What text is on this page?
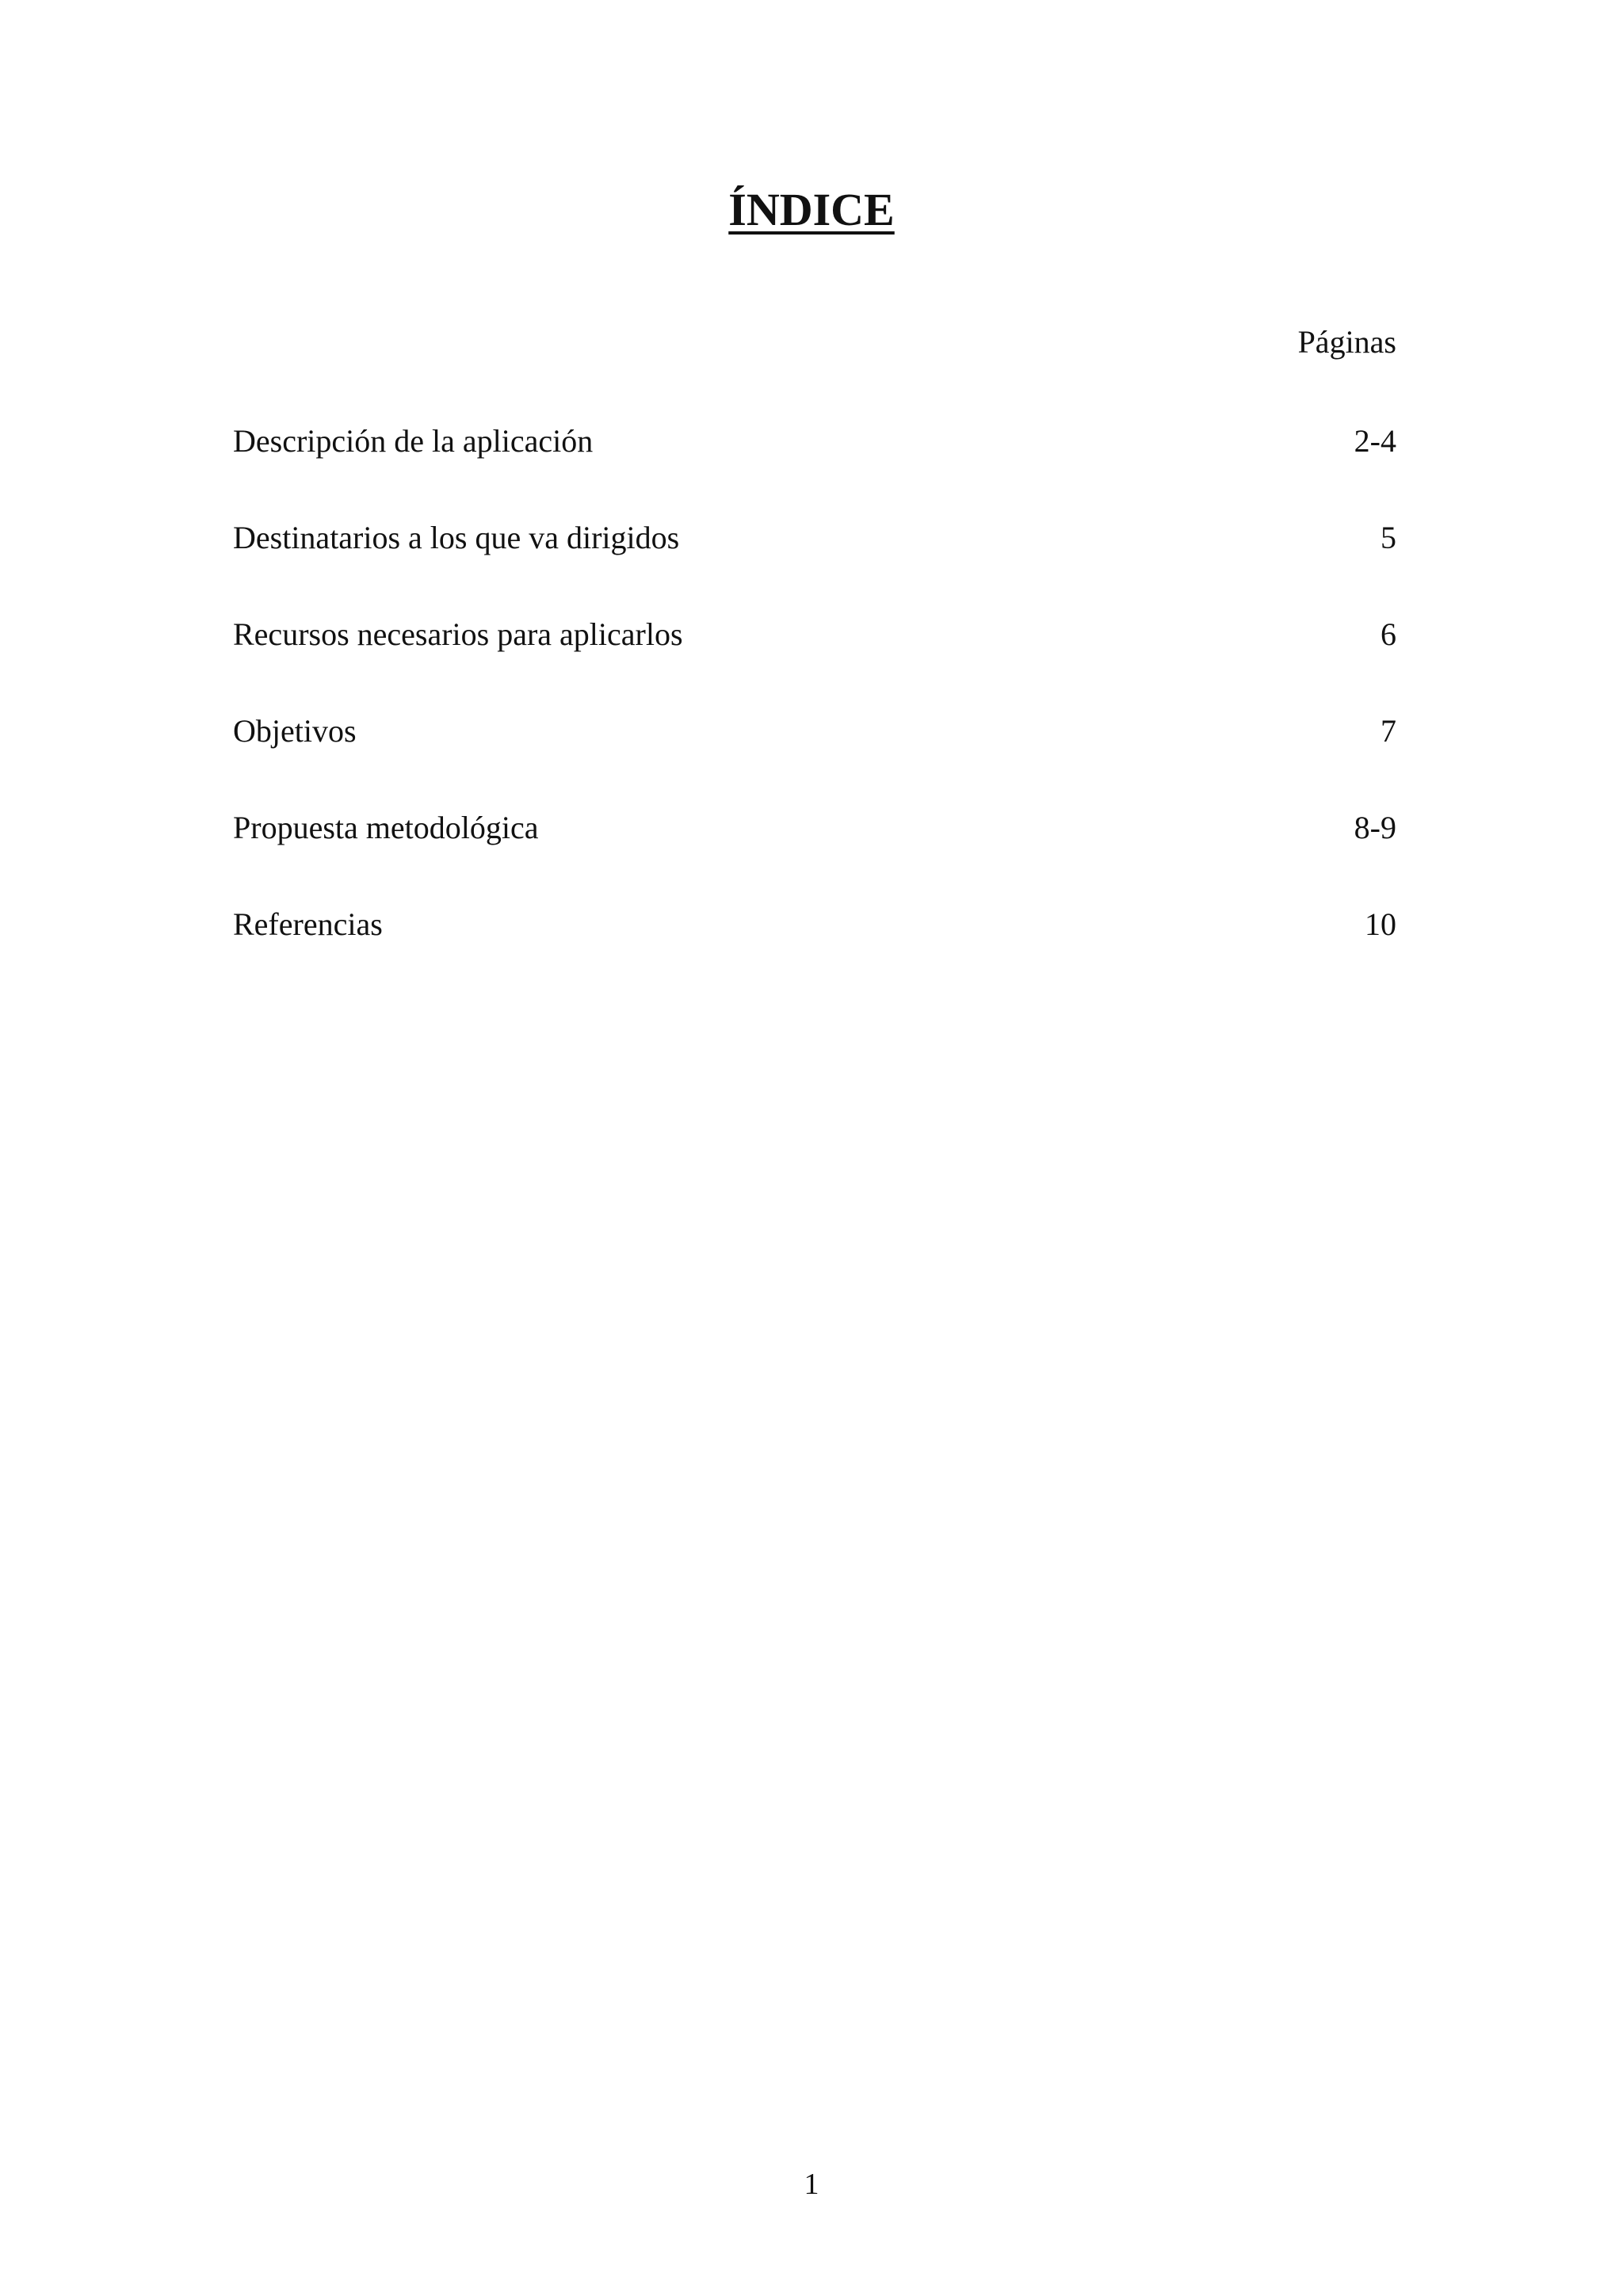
ÍNDICE
Páginas
Descripción de la aplicación	2-4
Destinatarios a los que va dirigidos	5
Recursos necesarios para aplicarlos	6
Objetivos	7
Propuesta metodológica	8-9
Referencias	10
1
